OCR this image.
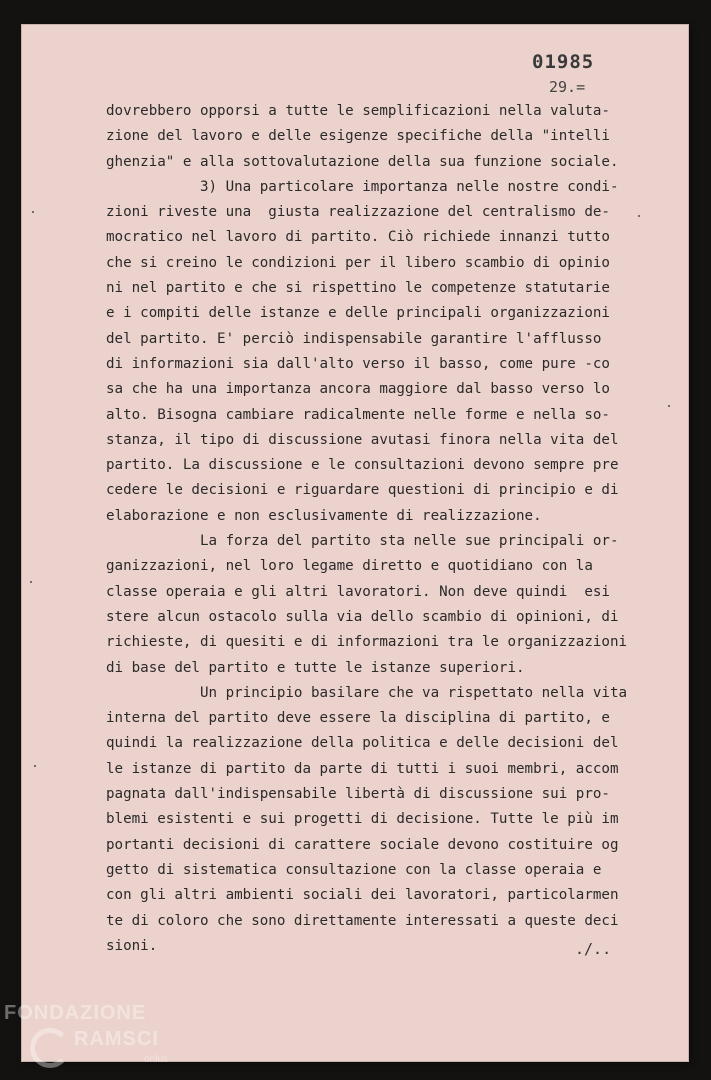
01985
29.=
dovrebbero opporsi a tutte le semplificazioni nella valuta-
zione del lavoro e delle esigenze specifiche della "intelli
ghenzia" e alla sottovalutazione della sua funzione sociale.
3) Una particolare importanza nelle nostre condi-
zioni riveste una  giusta realizzazione del centralismo de-
mocratico nel lavoro di partito. Ciò richiede innanzi tutto
che si creino le condizioni per il libero scambio di opinio
ni nel partito e che si rispettino le competenze statutarie
e i compiti delle istanze e delle principali organizzazioni
del partito. E' perciò indispensabile garantire l'afflusso
di informazioni sia dall'alto verso il basso, come pure -co
sa che ha una importanza ancora maggiore dal basso verso lo
alto. Bisogna cambiare radicalmente nelle forme e nella so-
stanza, il tipo di discussione avutasi finora nella vita del
partito. La discussione e le consultazioni devono sempre pre
cedere le decisioni e riguardare questioni di principio e di
elaborazione e non esclusivamente di realizzazione.
La forza del partito sta nelle sue principali or-
ganizzazioni, nel loro legame diretto e quotidiano con la
classe operaia e gli altri lavoratori. Non deve quindi  esi
stere alcun ostacolo sulla via dello scambio di opinioni, di
richieste, di quesiti e di informazioni tra le organizzazioni
di base del partito e tutte le istanze superiori.
Un principio basilare che va rispettato nella vita
interna del partito deve essere la disciplina di partito, e
quindi la realizzazione della politica e delle decisioni del
le istanze di partito da parte di tutti i suoi membri, accom
pagnata dall'indispensabile libertà di discussione sui pro-
blemi esistenti e sui progetti di decisione. Tutte le più im
portanti decisioni di carattere sociale devono costituire og
getto di sistematica consultazione con la classe operaia e
con gli altri ambienti sociali dei lavoratori, particolarmen
te di coloro che sono direttamente interessati a queste deci
sioni.	./..
FONDAZIONE
RAMSCI
onlus
